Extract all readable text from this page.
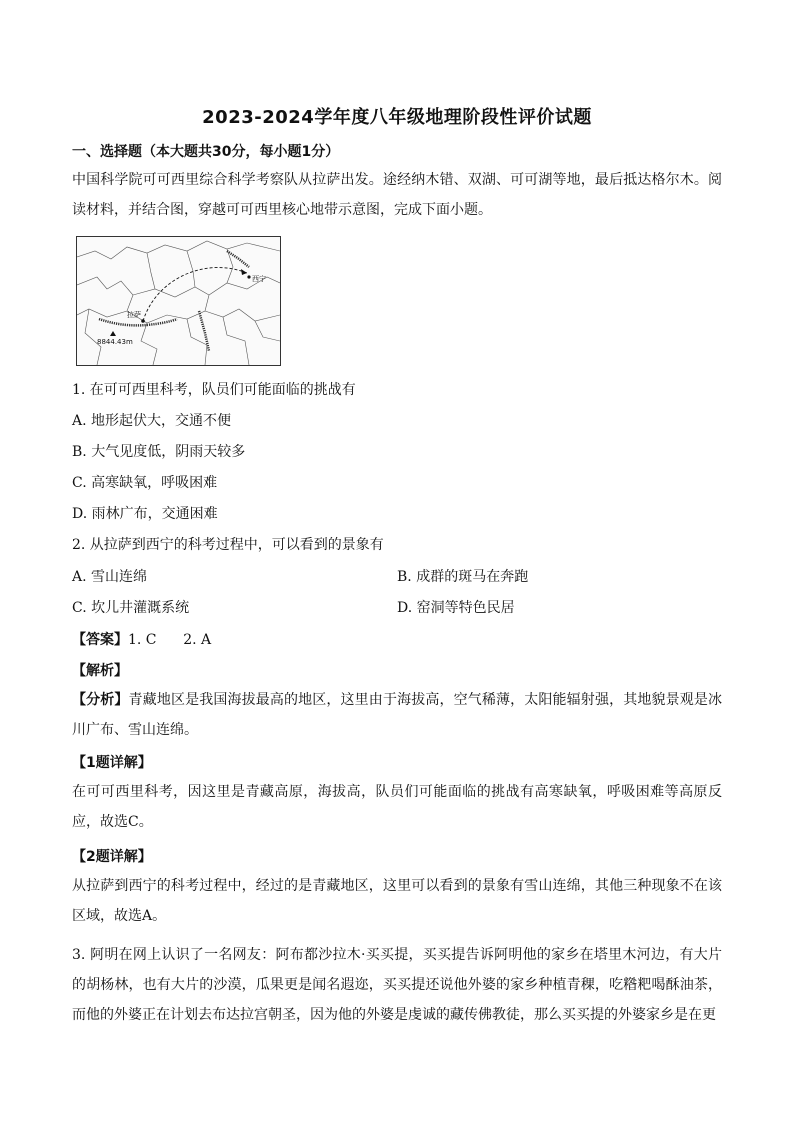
2023-2024学年度八年级地理阶段性评价试题
一、选择题（本大题共30分，每小题1分）
中国科学院可可西里综合科学考察队从拉萨出发。途经纳木错、双湖、可可湖等地，最后抵达格尔木。阅读材料，并结合图，穿越可可西里核心地带示意图，完成下面小题。
拉萨
西宁
8844.43m
1. 在可可西里科考，队员们可能面临的挑战有
A. 地形起伏大，交通不便
B. 大气见度低，阴雨天较多
C. 高寒缺氧，呼吸困难
D. 雨林广布，交通困难
2. 从拉萨到西宁的科考过程中，可以看到的景象有
A. 雪山连绵	B. 成群的斑马在奔跑
C. 坎儿井灌溉系统	D. 窑洞等特色民居
【答案】1. C      2. A
【解析】
【分析】青藏地区是我国海拔最高的地区，这里由于海拔高，空气稀薄，太阳能辐射强，其地貌景观是冰川广布、雪山连绵。
【1题详解】
在可可西里科考，因这里是青藏高原，海拔高，队员们可能面临的挑战有高寒缺氧，呼吸困难等高原反应，故选C。
【2题详解】
从拉萨到西宁的科考过程中，经过的是青藏地区，这里可以看到的景象有雪山连绵，其他三种现象不在该区域，故选A。
3. 阿明在网上认识了一名网友：阿布都沙拉木·买买提，买买提告诉阿明他的家乡在塔里木河边，有大片的胡杨林，也有大片的沙漠，瓜果更是闻名遐迩，买买提还说他外婆的家乡种植青稞，吃糌粑喝酥油茶，而他的外婆正在计划去布达拉宫朝圣，因为他的外婆是虔诚的藏传佛教徒，那么买买提的外婆家乡是在更
